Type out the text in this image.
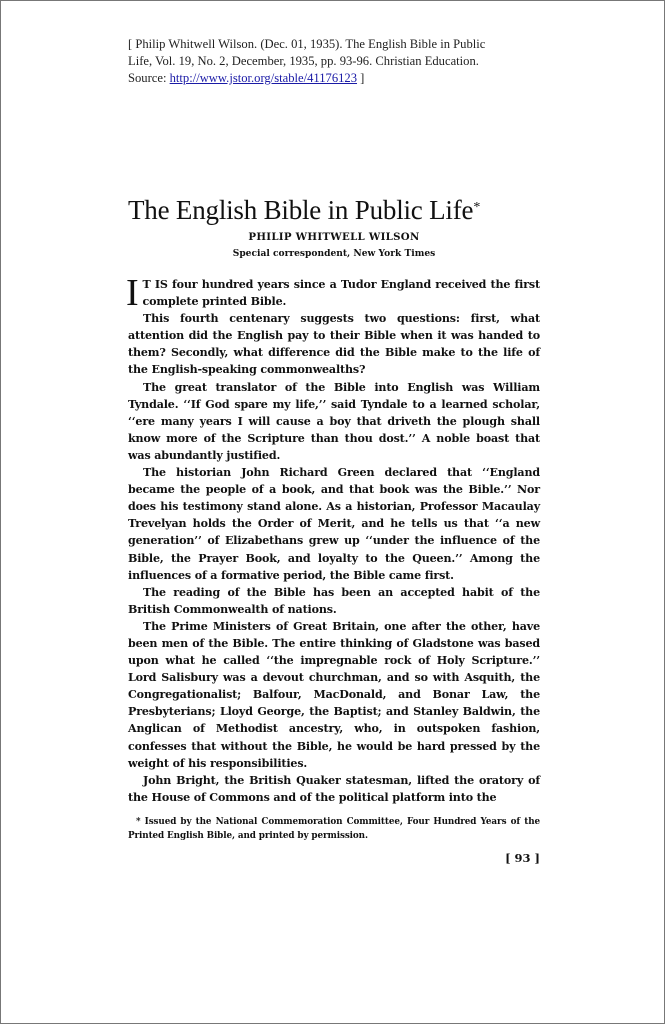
[ Philip Whitwell Wilson. (Dec. 01, 1935). The English Bible in Public
Life, Vol. 19, No. 2, December, 1935, pp. 93-96. Christian Education.
Source: http://www.jstor.org/stable/41176123 ]
The English Bible in Public Life*
PHILIP WHITWELL WILSON
Special correspondent, New York Times

I T IS four hundred years since a Tudor England received the first complete printed Bible.

This fourth centenary suggests two questions: first, what attention did the English pay to their Bible when it was handed to them? Secondly, what difference did the Bible make to the life of the English-speaking commonwealths?

The great translator of the Bible into English was William Tyndale. ‘‘If God spare my life,’’ said Tyndale to a learned scholar, ‘‘ere many years I will cause a boy that driveth the plough shall know more of the Scripture than thou dost.’’ A noble boast that was abundantly justified.

The historian John Richard Green declared that ‘‘England became the people of a book, and that book was the Bible.’’ Nor does his testimony stand alone. As a historian, Professor Macaulay Trevelyan holds the Order of Merit, and he tells us that ‘‘a new generation’’ of Elizabethans grew up ‘‘under the influence of the Bible, the Prayer Book, and loyalty to the Queen.’’ Among the influences of a formative period, the Bible came first.

The reading of the Bible has been an accepted habit of the British Commonwealth of nations.

The Prime Ministers of Great Britain, one after the other, have been men of the Bible. The entire thinking of Gladstone was based upon what he called ‘‘the impregnable rock of Holy Scripture.’’ Lord Salisbury was a devout churchman, and so with Asquith, the Congregationalist; Balfour, MacDonald, and Bonar Law, the Presbyterians; Lloyd George, the Baptist; and Stanley Baldwin, the Anglican of Methodist ancestry, who, in outspoken fashion, confesses that without the Bible, he would be hard pressed by the weight of his responsibilities.

John Bright, the British Quaker statesman, lifted the oratory of the House of Commons and of the political platform into the

* Issued by the National Commemoration Committee, Four Hundred Years of the Printed English Bible, and printed by permission.
[ 93 ]
